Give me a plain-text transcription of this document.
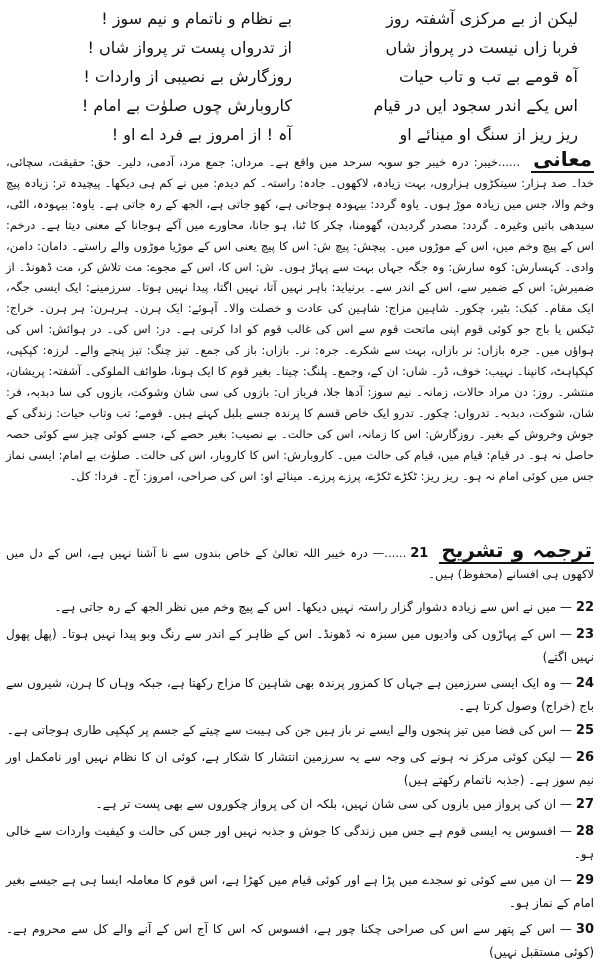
لیکن از بے مرکزی آشفتہ روز
بے نظام و ناتمام و نیم سوز !
فربا زاں نیست در پرواز شاں
از تدرواں پست تر پرواز شاں !
آہ قومے بے تب و تاب حیات
روزگارش بے نصیبی از واردات !
اس یکے اندر سجود ایں در قیام
کاروبارش چوں صلوٰت بے امام !
ریز ریز از سنگ او مینائے او
آہ ! از امروز بے فرد اے او !

معانی ......خیبر: درہ خیبر جو سوبہ سرحد میں واقع ہے۔ مرداں: جمع مرد، آدمی، دلیر۔ حق: حقیقت، سچائی، خدا۔ صد ہزار: سینکڑوں ہزاروں، بہت زیادہ، لاکھوں۔ جادہ: راستہ۔ کم دیدم: میں نے کم ہی دیکھا۔ پیچیدہ تر: زیادہ پیچ وخم والا، جس میں زیادہ موڑ ہوں۔ یاوہ گردد: بیہودہ ہوجاتی ہے، کھو جاتی ہے، الجھ کے رہ جاتی ہے۔ یاوہ: بیہودہ، الٹی، سیدھی باتیں وغیرہ۔ گردد: مصدر گردیدن، گھومنا، چکر کا ٹنا، ہو جانا، محاورے میں آکے ہوجانا کے معنی دیتا ہے۔ درخم: اس کے پیچ وخم میں، اس کے موڑوں میں۔ پیچش: پیچ ش: اس کا پیچ یعنی اس کے موڑیا موڑوں والے راستے۔ دامان: دامن، وادی۔ کہسارش: کوہ سارش: وہ جگہ جہاں بہت سے پہاڑ ہوں۔ ش: اس کا، اس کے مجوے: مت تلاش کر، مت ڈھونڈ۔ از ضمیرش: اس کے ضمیر سے، اس کے اندر سے۔ برنیاید: باہر نہیں آتا، نہیں اگتا، پیدا نہیں ہوتا۔ سرزمینے: ایک ایسی جگہ، ایک مقام۔ کبک: بٹیر، چکور۔ شاہین مزاج: شاہین کی عادت و خصلت والا۔ آہوئے: ایک ہرن۔ ہرہرن: ہر ہرن۔ خراج: ٹیکس یا باج جو کوئی قوم اپنی ماتحت قوم سے اس کی غالب قوم کو ادا کرتی ہے۔ در: اس کی۔ در ہوائش: اس کی ہواؤں میں۔ جرہ بازاں: نر بازاں، بہت سے شکرے۔ جرہ: نر۔ بازاں: باز کی جمع۔ تیز چنگ: تیز پنجے والے۔ لرزہ: کپکپی، کپکپاہٹ، کانپنا۔ نہیب: خوف، ڈر۔ شاں: ان کے، وجمع۔ پلنگ: چیتا۔ بغیر قوم کا ایک ہونا، طوائف الملوکی۔ آشفتہ: پریشان، منتشر۔ روز: دن مراد حالات، زمانہ۔ نیم سوز: آدھا جلا، فرباز اں: بازوں کی سی شان وشوکت، بازوں کی سا دبدبہ، فر: شان، شوکت، دبدبہ۔ تدرواں: چکور۔ تدرو ایک خاص قسم کا پرندہ جسے بلبل کہتے ہیں۔ قومے: تب وتاب حیات: زندگی کے جوش وخروش کے بغیر۔ روزگارش: اس کا زمانہ، اس کی حالت۔ بے نصیب: بغیر حصے کے، جسے کوئی چیز سے کوئی حصہ حاصل نہ ہو۔ در قیام: قیام میں، قیام کی حالت میں۔ کاروبارش: اس کا کاروبار، اس کی حالت۔ صلوٰت بے امام: ایسی نماز جس میں کوئی امام نہ ہو۔ ریز ریز: ٹکڑے ٹکڑے، پرزے پرزے۔ مینائے او: اس کی صراحی، امروز: آج۔ فردا: کل۔

ترجمہ و تشریح 21......— درہ خیبر اللہ تعالیٰ کے خاص بندوں سے نا آشنا نہیں ہے، اس کے دل میں لاکھوں ہی افسانے (محفوظ) ہیں۔
22— میں نے اس سے زیادہ دشوار گزار راستہ نہیں دیکھا۔ اس کے پیچ وخم میں نظر الجھ کے رہ جاتی ہے۔
23— اس کے پہاڑوں کی وادیوں میں سبزہ نہ ڈھونڈ۔ اس کے ظاہر کے اندر سے رنگ وبو پیدا نہیں ہوتا۔ (پھل پھول نہیں اگتے)
24— وہ ایک ایسی سرزمین ہے جہاں کا کمزور پرندہ بھی شاہین کا مزاج رکھتا ہے، جبکہ وہاں کا ہرن، شیروں سے باج (خراج) وصول کرتا ہے۔
25— اس کی فضا میں تیز پنجوں والے ایسے نر باز ہیں جن کی ہیبت سے چیتے کے جسم پر کپکپی طاری ہوجاتی ہے۔
26— لیکن کوئی مرکز نہ ہونے کی وجہ سے یہ سرزمین انتشار کا شکار ہے، کوئی ان کا نظام نہیں اور نامکمل اور نیم سوز ہے۔ (جذبہ ناتمام رکھتے ہیں)
27— ان کی پرواز میں بازوں کی سی شان نہیں، بلکہ ان کی پرواز چکوروں سے بھی پست تر ہے۔
28— افسوس یہ ایسی قوم ہے جس میں زندگی کا جوش و جذبہ نہیں اور جس کی حالت و کیفیت واردات سے خالی ہو۔
29— ان میں سے کوئی تو سجدے میں پڑا ہے اور کوئی قیام میں کھڑا ہے، اس قوم کا معاملہ ایسا ہی ہے جیسے بغیر امام کے نماز ہو۔
30— اس کے پتھر سے اس کی صراحی چکنا چور ہے، افسوس کہ اس کا آج اس کے آنے والے کل سے محروم ہے۔ (کوئی مستقبل نہیں)
